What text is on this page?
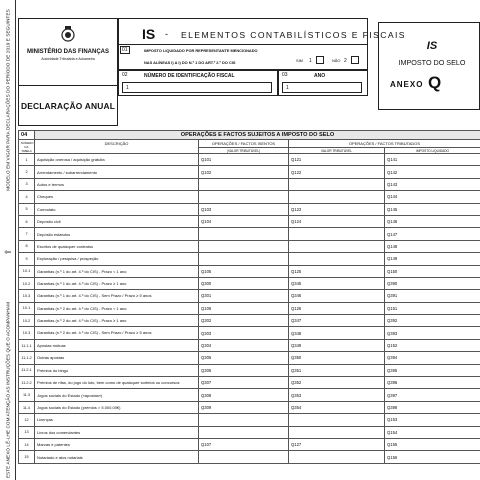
MODELO EM VIGOR PARA DECLARAÇÕES DO PERÍODO DE 2019 E SEGUINTES
⇧
ESTE ANEXO LÊ-LHE COM ATENÇÃO AS INSTRUÇÕES QUE O ACOMPANHAM
MINISTÉRIO DAS FINANÇAS
Autoridade Tributária e Aduaneira
DECLARAÇÃO ANUAL
IS - ELEMENTOS CONTABILÍSTICOS E FISCAIS
01	IMPOSTO LIQUIDADO POR REPRESENTANTE MENCIONADO
NAS ALÍNEAS I) A I) DO N.º 1 DO ART.º 2.º DO CIS	SIM 1	NÃO 2
02	NÚMERO DE IDENTIFICAÇÃO FISCAL
1
03	ANO
1
IS
IMPOSTO DO SELO
ANEXO Q
04	OPERAÇÕES E FACTOS SUJEITOS A IMPOSTO DO SELO			
NÚMERO DA TABELA	DESCRIÇÃO	OPERAÇÕES / FACTOS ISENTOS	OPERAÇÕES / FACTOS TRIBUTADOS	
		(VALOR TRIBUTÁVEL)	VALOR TRIBUTÁVEL	IMPOSTO LIQUIDADO
1	Aquisição onerosa / aquisição gratuita	Q101	Q121	Q141
2	Arrendamento / subarrendamento	Q102	Q122	Q142
3	Autos e termos			Q143
4	Cheques			Q144
5	Comodato	Q103	Q123	Q145
6	Depósito civil	Q104	Q124	Q146
7	Depósito estatutos			Q147
8	Escritos de quaisquer contratos			Q148
9	Exploração / pesquisa / prospeção			Q149
10.1	Garantias (n.º 1 do art. 4.º do CIS) - Prazo < 1 ano	Q105	Q125	Q150
10.2	Garantias (n.º 1 do art. 4.º do CIS) - Prazo ≥ 1 ano	Q300	Q345	Q390
10.3	Garantias (n.º 1 do art. 4.º do CIS) - Sem Prazo / Prazo ≥ 5 anos	Q301	Q346	Q391
10.1	Garantias (n.º 2 do art. 4.º do CIS) - Prazo < 1 ano	Q106	Q126	Q151
10.2	Garantias (n.º 2 do art. 4.º do CIS) - Prazo ≥ 1 ano	Q302	Q347	Q392
10.3	Garantias (n.º 2 do art. 4.º do CIS) - Sem Prazo / Prazo ≥ 5 anos	Q303	Q348	Q393
11.1.1	Apostas mútuas	Q304	Q349	Q152
11.1.2	Outras apostas	Q305	Q350	Q394
11.2.1	Prémios do bingo	Q306	Q351	Q395
11.2.2	Prémios de rifas, do jogo do loto, bem como de quaisquer sorteios ou concursos	Q307	Q352	Q396
11.3	Jogos sociais do Estado («apostas»)	Q308	Q353	Q397
11.4	Jogos sociais do Estado (prémios > 5.000,00€)	Q309	Q354	Q398
12	Licenças			Q153
13	Livros dos comerciantes			Q154
14	Marcas e patentes	Q107	Q127	Q155
15	Notariado e atos notariais			Q156
